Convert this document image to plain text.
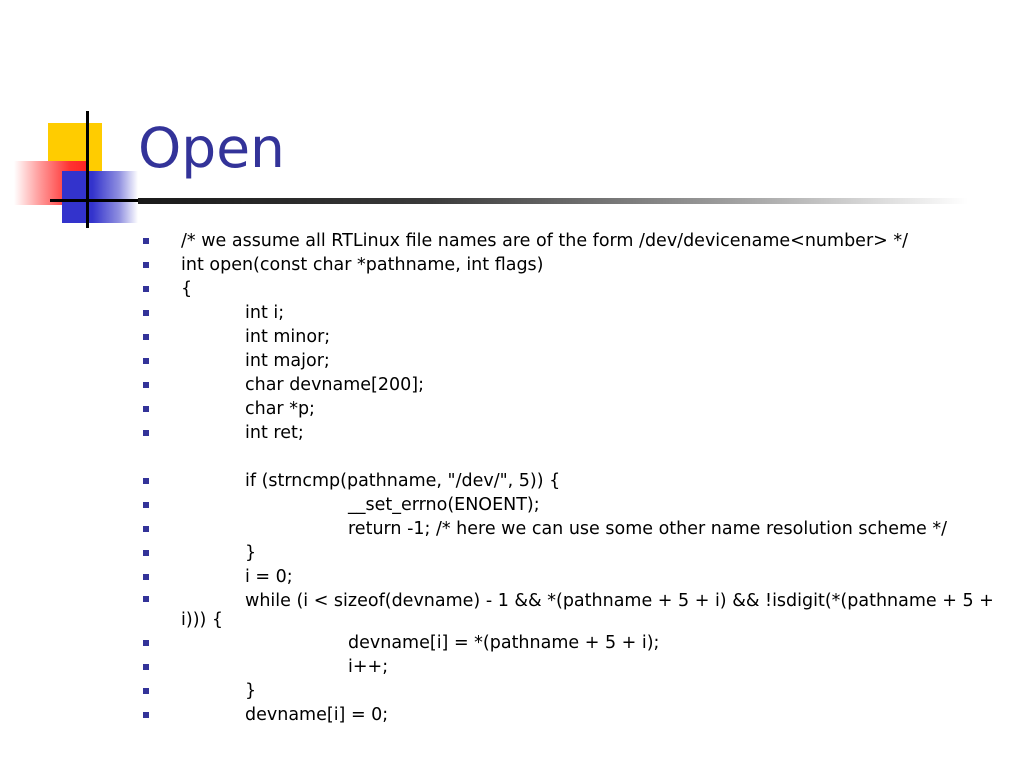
Open
/* we assume all RTLinux file names are of the form /dev/devicename<number> */
int open(const char *pathname, int flags)
{
int i;
int minor;
int major;
char devname[200];
char *p;
int ret;
if (strncmp(pathname, "/dev/", 5)) {
__set_errno(ENOENT);
return -1; /* here we can use some other name resolution scheme */
}
i = 0;
while (i < sizeof(devname) - 1 && *(pathname + 5 + i) && !isdigit(*(pathname + 5 + i))) {
devname[i] = *(pathname + 5 + i);
i++;
}
devname[i] = 0;
